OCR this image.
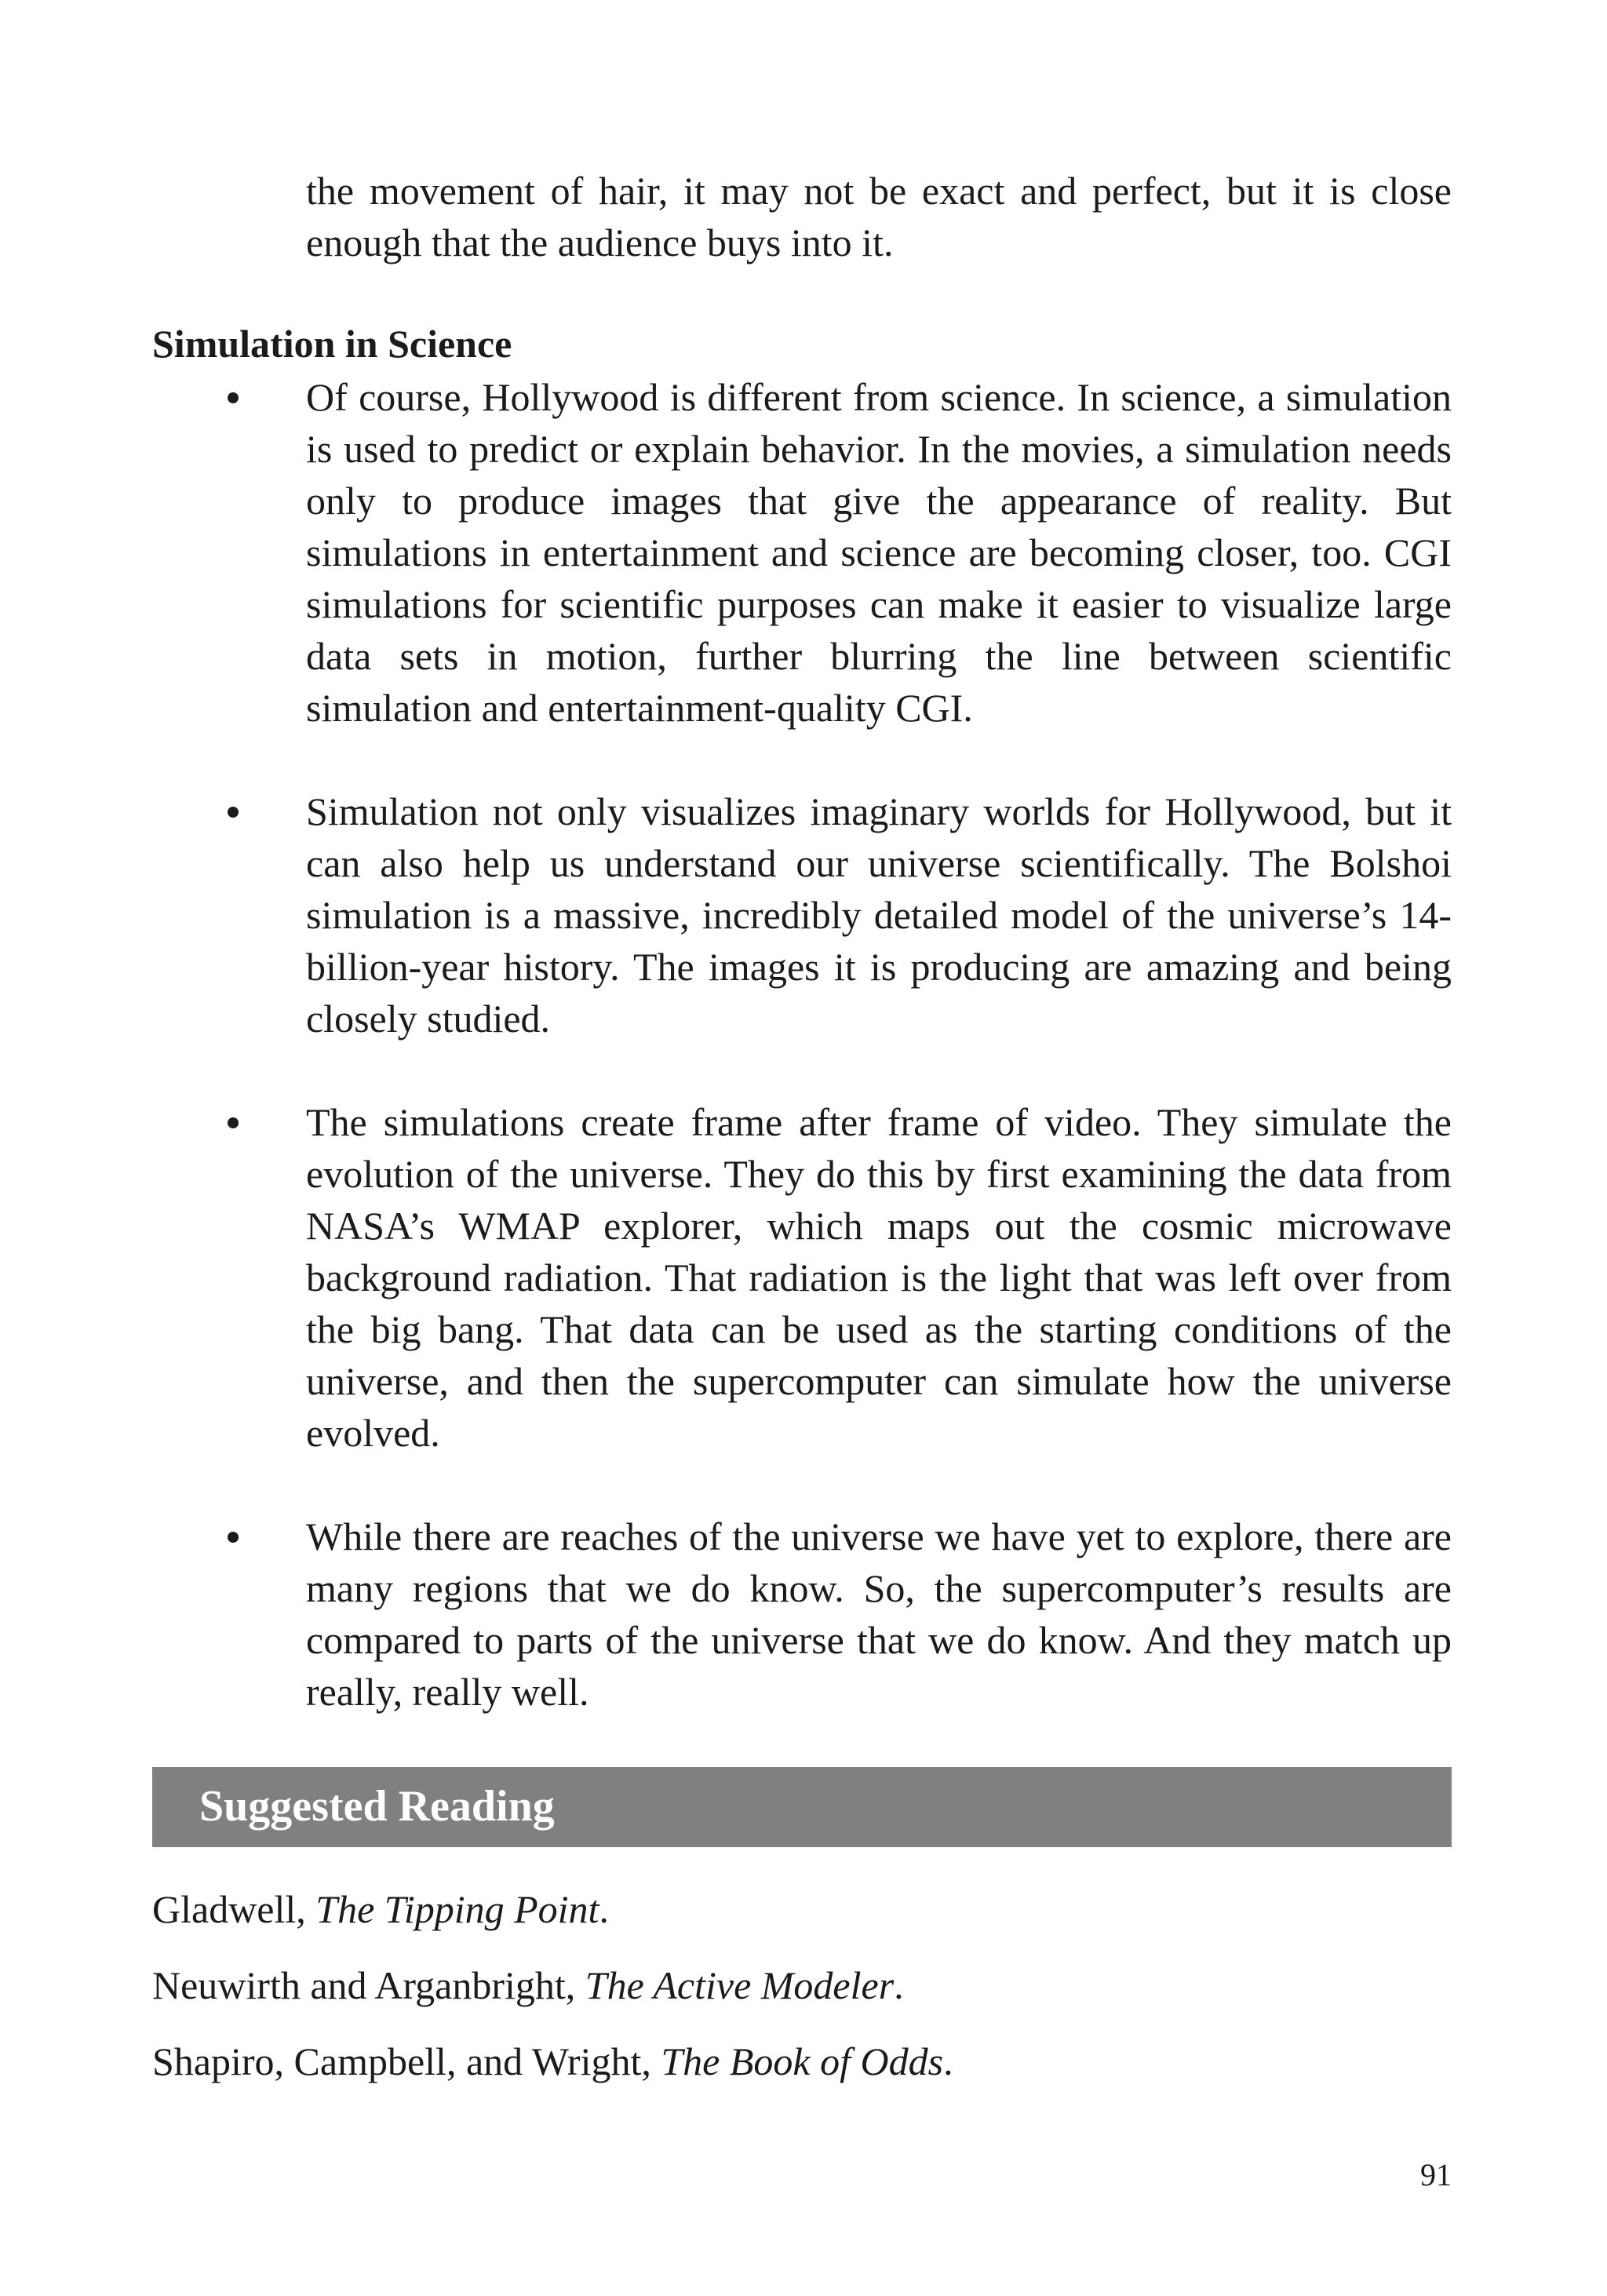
the movement of hair, it may not be exact and perfect, but it is close enough that the audience buys into it.

Simulation in Science

Of course, Hollywood is different from science. In science, a simulation is used to predict or explain behavior. In the movies, a simulation needs only to produce images that give the appearance of reality. But simulations in entertainment and science are becoming closer, too. CGI simulations for scientific purposes can make it easier to visualize large data sets in motion, further blurring the line between scientific simulation and entertainment-quality CGI.

Simulation not only visualizes imaginary worlds for Hollywood, but it can also help us understand our universe scientifically. The Bolshoi simulation is a massive, incredibly detailed model of the universe’s 14-billion-year history. The images it is producing are amazing and being closely studied.

The simulations create frame after frame of video. They simulate the evolution of the universe. They do this by first examining the data from NASA’s WMAP explorer, which maps out the cosmic microwave background radiation. That radiation is the light that was left over from the big bang. That data can be used as the starting conditions of the universe, and then the supercomputer can simulate how the universe evolved.

While there are reaches of the universe we have yet to explore, there are many regions that we do know. So, the supercomputer’s results are compared to parts of the universe that we do know. And they match up really, really well.

Suggested Reading
Gladwell, The Tipping Point.
Neuwirth and Arganbright, The Active Modeler.
Shapiro, Campbell, and Wright, The Book of Odds.

91
